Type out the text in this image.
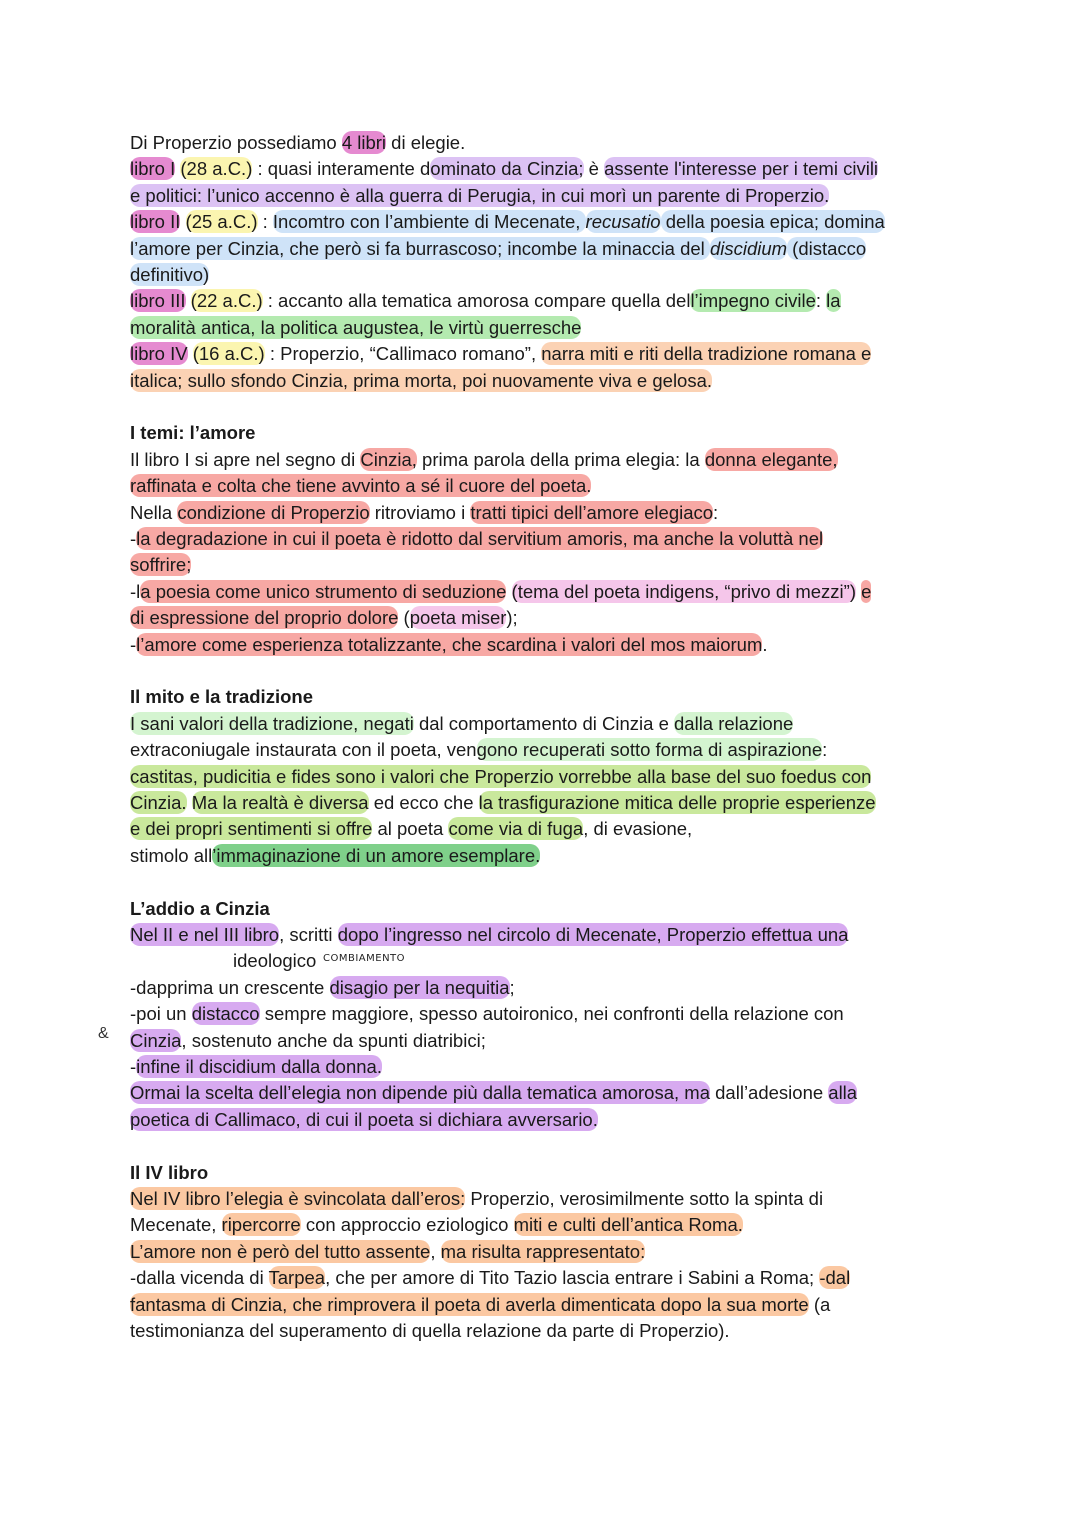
Di Properzio possediamo 4 libri di elegie.
libro I (28 a.C.) : quasi interamente dominato da Cinzia; è assente l'interesse per i temi civili
e politici: l’unico accenno è alla guerra di Perugia, in cui morì un parente di Properzio.
libro II (25 a.C.) : Incomtro con l’ambiente di Mecenate, recusatio della poesia epica; domina
l’amore per Cinzia, che però si fa burrascoso; incombe la minaccia del discidium (distacco
definitivo)
libro III (22 a.C.) : accanto alla tematica amorosa compare quella dell’impegno civile: la
moralità antica, la politica augustea, le virtù guerresche
libro IV (16 a.C.) : Properzio, “Callimaco romano”, narra miti e riti della tradizione romana e
italica; sullo sfondo Cinzia, prima morta, poi nuovamente viva e gelosa.
I temi: l’amore
Il libro I si apre nel segno di Cinzia, prima parola della prima elegia: la donna elegante,
raffinata e colta che tiene avvinto a sé il cuore del poeta.
Nella condizione di Properzio ritroviamo i tratti tipici dell’amore elegiaco:
-la degradazione in cui il poeta è ridotto dal servitium amoris, ma anche la voluttà nel
soffrire;
-la poesia come unico strumento di seduzione (tema del poeta indigens, “privo di mezzi”) e
di espressione del proprio dolore (poeta miser);
-l’amore come esperienza totalizzante, che scardina i valori del mos maiorum.
Il mito e la tradizione
I sani valori della tradizione, negati dal comportamento di Cinzia e dalla relazione
extraconiugale instaurata con il poeta, vengono recuperati sotto forma di aspirazione:
castitas, pudicitia e fides sono i valori che Properzio vorrebbe alla base del suo foedus con
Cinzia. Ma la realtà è diversa ed ecco che la trasfigurazione mitica delle proprie esperienze
e dei propri sentimenti si offre al poeta come via di fuga, di evasione,
stimolo all’immaginazione di un amore esemplare.
L’addio a Cinzia
Nel II e nel III libro, scritti dopo l’ingresso nel circolo di Mecenate, Properzio effettua una
ideologico
-dapprima un crescente disagio per la nequitia;
-poi un distacco sempre maggiore, spesso autoironico, nei confronti della relazione con
Cinzia, sostenuto anche da spunti diatribici;
-infine il discidium dalla donna.
Ormai la scelta dell’elegia non dipende più dalla tematica amorosa, ma dall’adesione alla
poetica di Callimaco, di cui il poeta si dichiara avversario.
Il IV libro
Nel IV libro l’elegia è svincolata dall’eros: Properzio, verosimilmente sotto la spinta di
Mecenate, ripercorre con approccio eziologico miti e culti dell’antica Roma.
L’amore non è però del tutto assente, ma risulta rappresentato:
-dalla vicenda di Tarpea, che per amore di Tito Tazio lascia entrare i Sabini a Roma; -dal
fantasma di Cinzia, che rimprovera il poeta di averla dimenticata dopo la sua morte (a
testimonianza del superamento di quella relazione da parte di Properzio).
COMBIAMENTO
&
